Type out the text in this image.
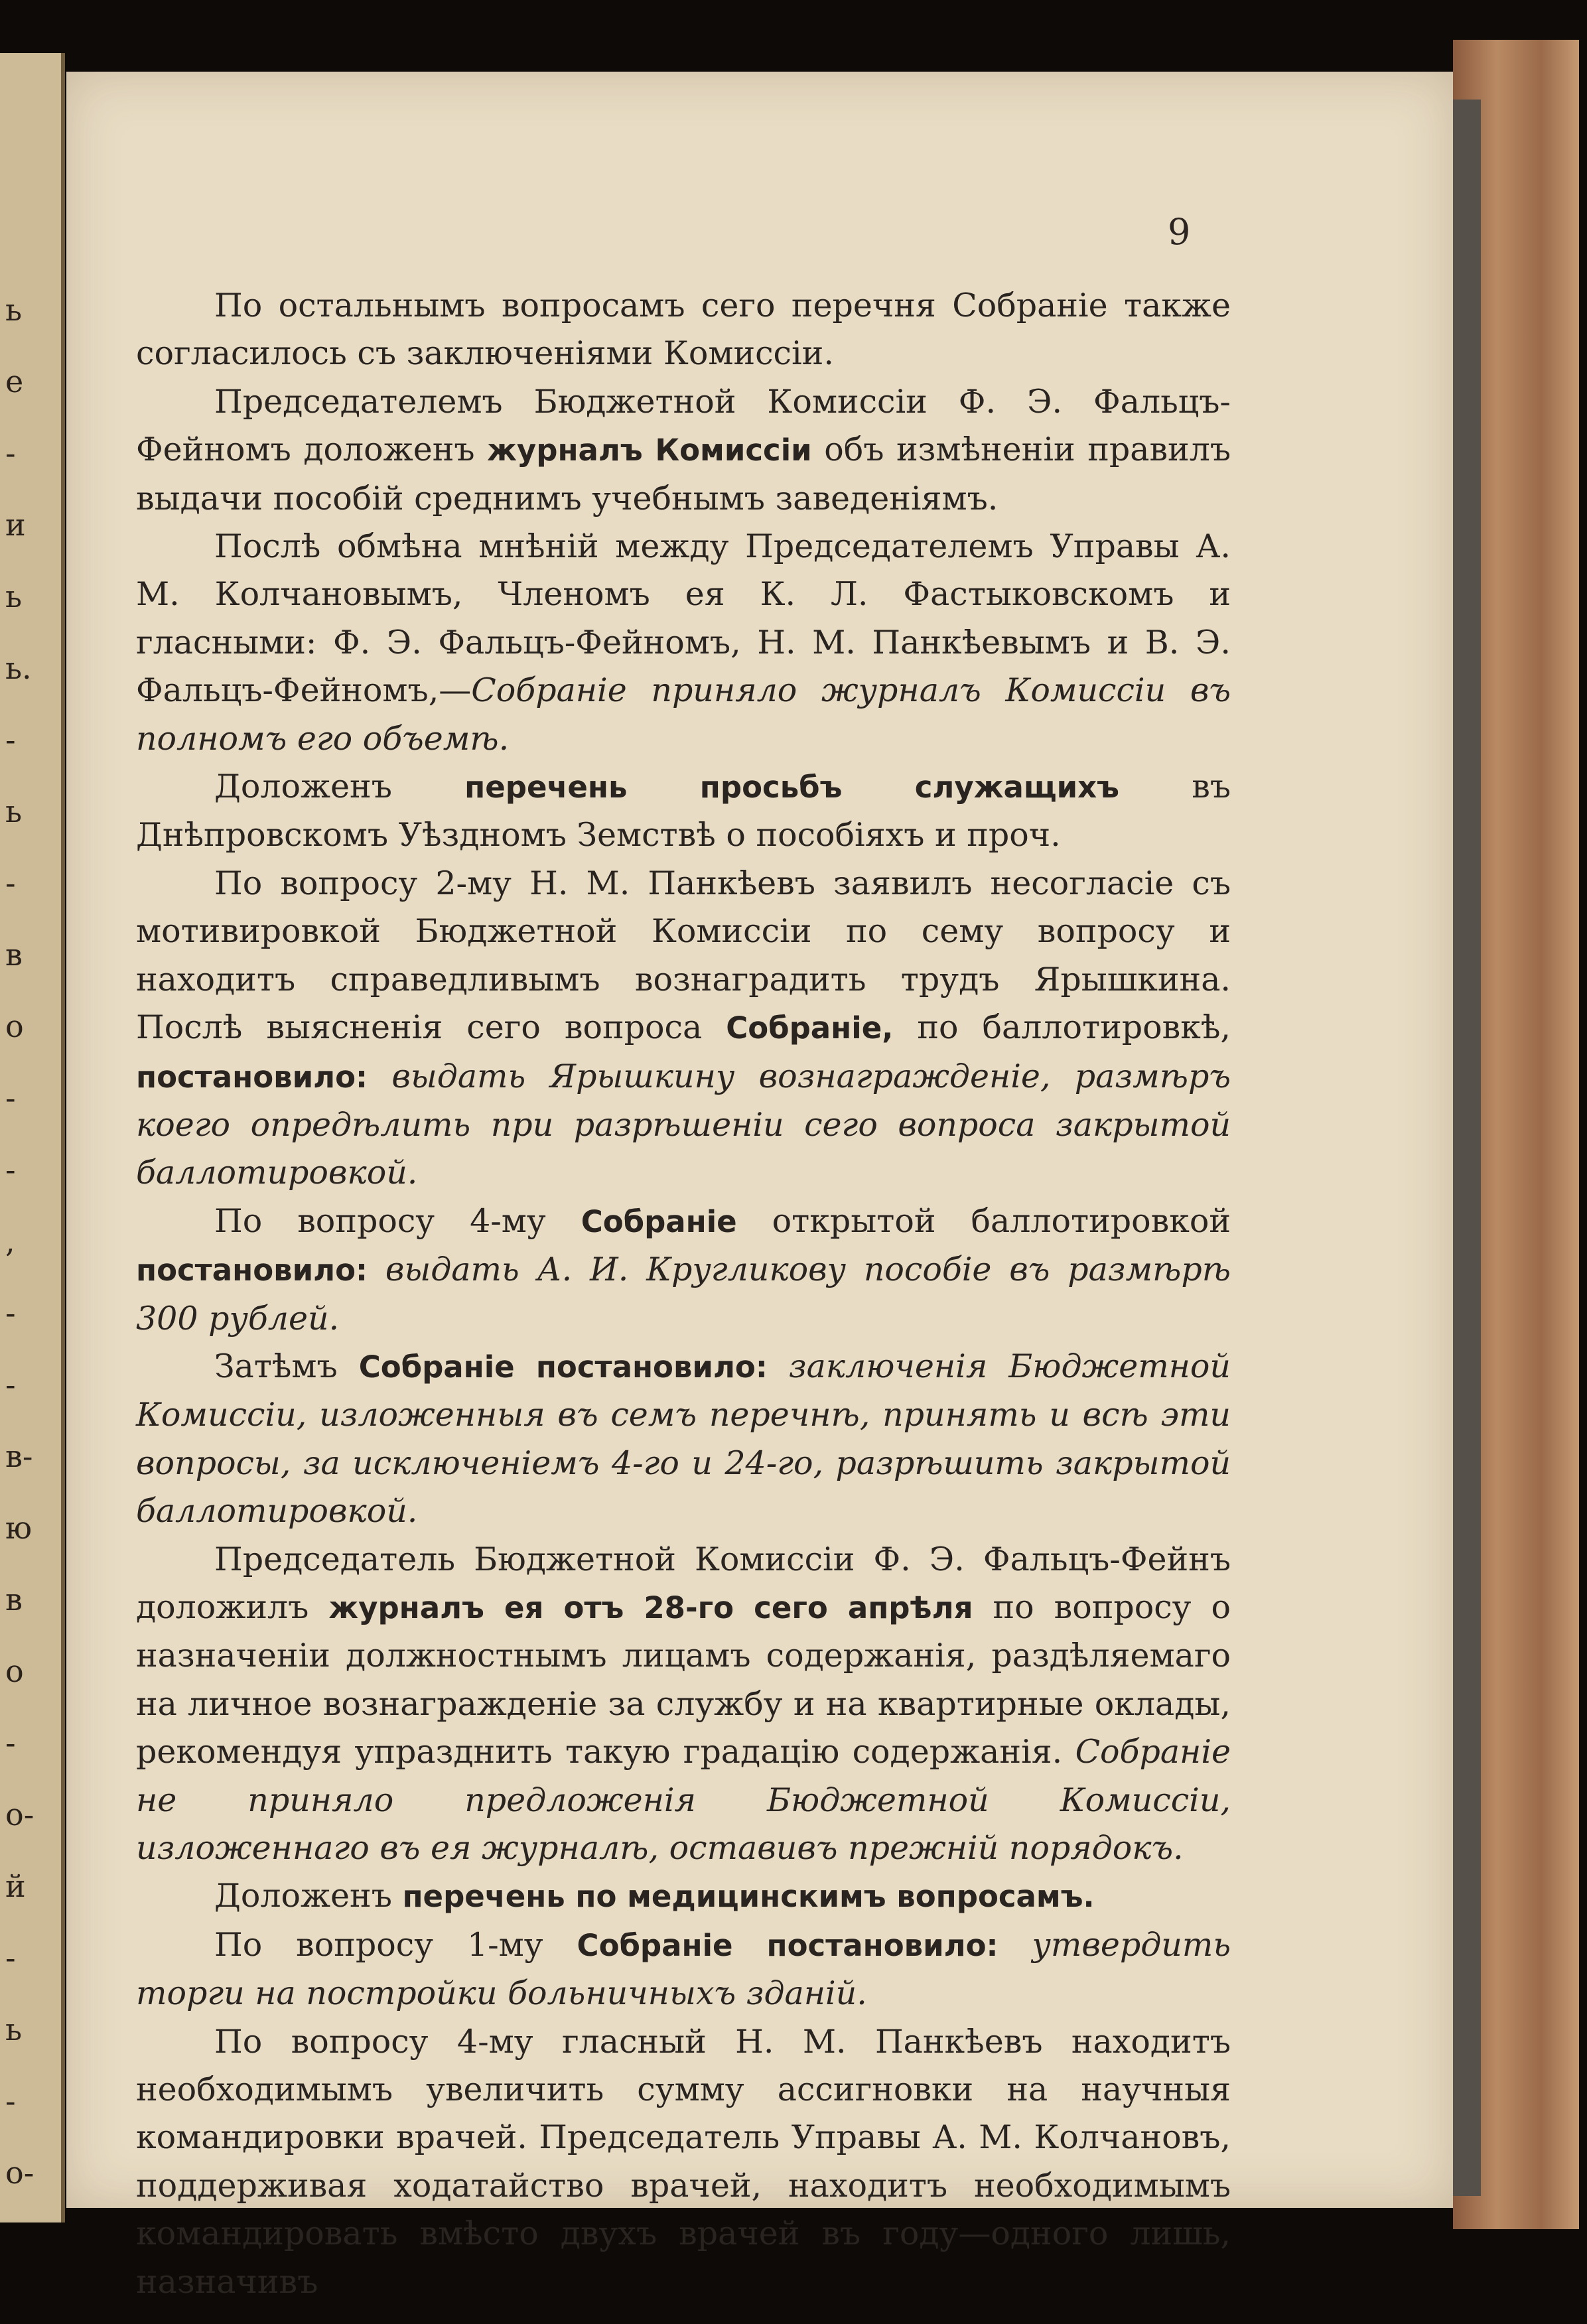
ь
е
-
и
ь
ь.
-
ь
-
в
о
-
-
,
-
-
в-
ю
в
о
-
о-
й
-
ь
-
о-
9

По остальнымъ вопросамъ сего перечня Собраніе также согласилось съ заключеніями Комиссіи.

Председателемъ Бюджетной Комиссіи Ф. Э. Фальцъ-Фейномъ доложенъ журналъ Комиссіи объ измѣненіи правилъ выдачи пособій среднимъ учебнымъ заведеніямъ.

Послѣ обмѣна мнѣній между Председателемъ Управы А. М. Колчановымъ, Членомъ ея К. Л. Фастыковскомъ и гласными: Ф. Э. Фальцъ-Фейномъ, Н. М. Панкѣевымъ и В. Э. Фальцъ-Фейномъ,—Собраніе приняло журналъ Комиссіи въ полномъ его объемѣ.

Доложенъ перечень просьбъ служащихъ въ Днѣпровскомъ Уѣздномъ Земствѣ о пособіяхъ и проч.

По вопросу 2-му Н. М. Панкѣевъ заявилъ несогласіе съ мотивировкой Бюджетной Комиссіи по сему вопросу и находитъ справедливымъ вознаградить трудъ Ярышкина. Послѣ выясненія сего вопроса Собраніе, по баллотировкѣ, постановило: выдать Ярышкину вознагражденіе, размѣръ коего опредѣлить при разрѣшеніи сего вопроса закрытой баллотировкой.

По вопросу 4-му Собраніе открытой баллотировкой постановило: выдать А. И. Кругликову пособіе въ размѣрѣ 300 рублей.

Затѣмъ Собраніе постановило: заключенія Бюджетной Комиссіи, изложенныя въ семъ перечнѣ, принять и всѣ эти вопросы, за исключеніемъ 4-го и 24-го, разрѣшить закрытой баллотировкой.

Председатель Бюджетной Комиссіи Ф. Э. Фальцъ-Фейнъ доложилъ журналъ ея отъ 28-го сего апрѣля по вопросу о назначеніи должностнымъ лицамъ содержанія, раздѣляемаго на личное вознагражденіе за службу и на квартирные оклады, рекомендуя упразднить такую градацію содержанія. Собраніе не приняло предложенія Бюджетной Комиссіи, изложеннаго въ ея журналѣ, оставивъ прежній порядокъ.

Доложенъ перечень по медицинскимъ вопросамъ.

По вопросу 1-му Собраніе постановило: утвердить торги на постройки больничныхъ зданій.

По вопросу 4-му гласный Н. М. Панкѣевъ находитъ необходимымъ увеличить сумму ассигновки на научныя командировки врачей. Председатель Управы А. М. Колчановъ, поддерживая ходатайство врачей, находитъ необходимымъ командировать вмѣсто двухъ врачей въ году—одного лишь, назначивъ
